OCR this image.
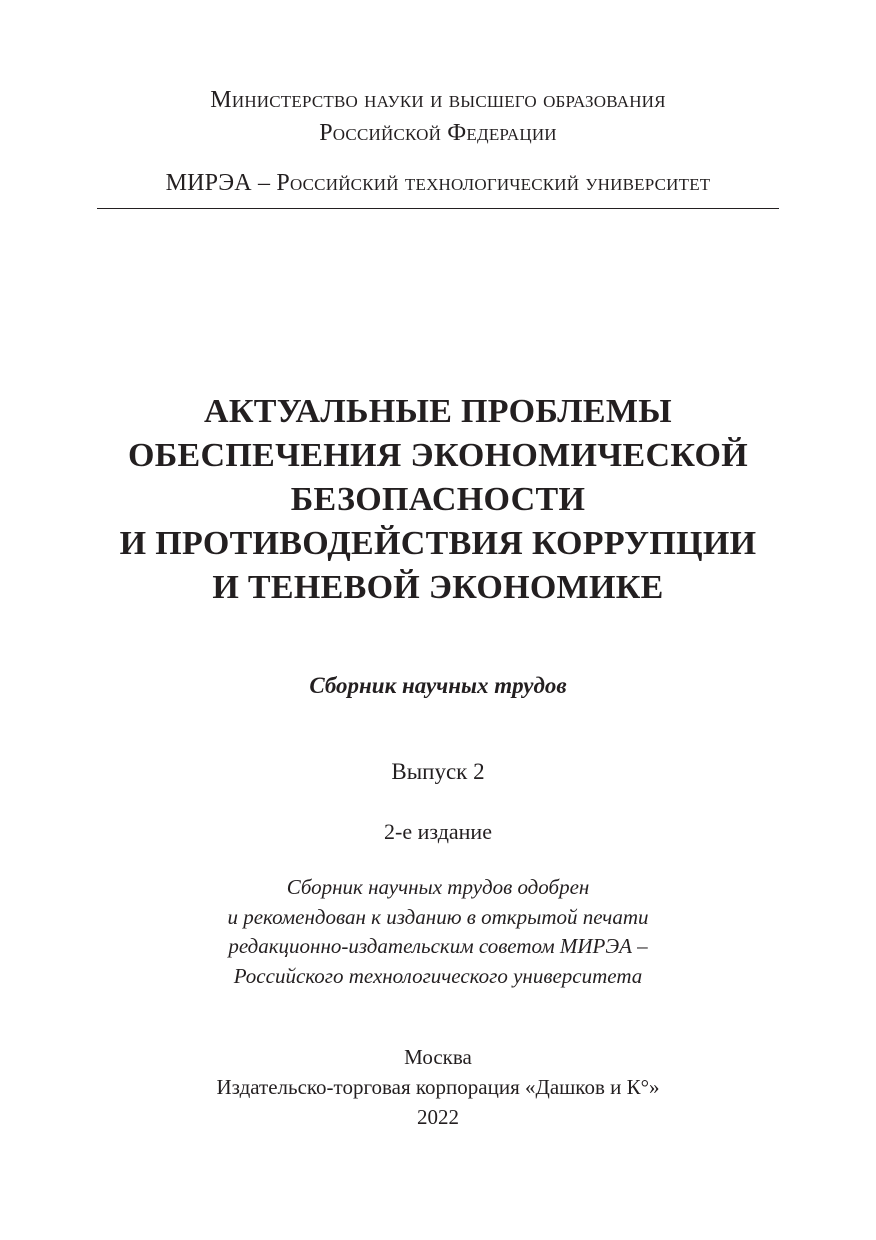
Министерство науки и высшего образования
Российской Федерации
МИРЭА – Российский технологический университет
АКТУАЛЬНЫЕ ПРОБЛЕМЫ
ОБЕСПЕЧЕНИЯ ЭКОНОМИЧЕСКОЙ
БЕЗОПАСНОСТИ
И ПРОТИВОДЕЙСТВИЯ КОРРУПЦИИ
И ТЕНЕВОЙ ЭКОНОМИКЕ
Сборник научных трудов
Выпуск 2
2-е издание
Сборник научных трудов одобрен
и рекомендован к изданию в открытой печати
редакционно-издательским советом МИРЭА –
Российского технологического университета
Москва
Издательско-торговая корпорация «Дашков и К°»
2022
